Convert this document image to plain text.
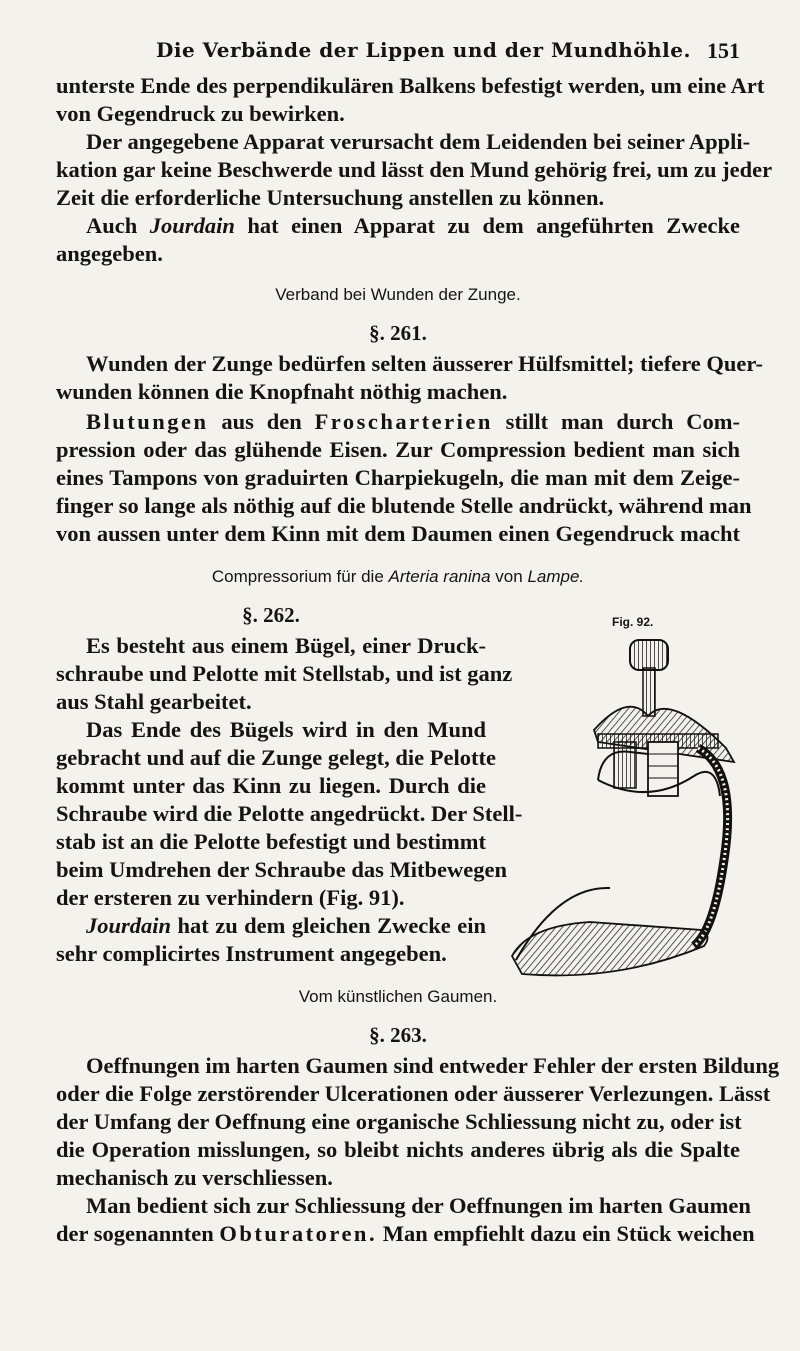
Die Verbände der Lippen und der Mundhöhle. 151
unterste Ende des perpendikulären Balkens befestigt werden, um eine Art
von Gegendruck zu bewirken.
Der angegebene Apparat verursacht dem Leidenden bei seiner Appli-
kation gar keine Beschwerde und lässt den Mund gehörig frei, um zu jeder
Zeit die erforderliche Untersuchung anstellen zu können.
Auch Jourdain hat einen Apparat zu dem angeführten Zwecke
angegeben.
Verband bei Wunden der Zunge.
§. 261.
Wunden der Zunge bedürfen selten äusserer Hülfsmittel; tiefere Quer-
wunden können die Knopfnaht nöthig machen.
Blutungen aus den Froscharterien stillt man durch Com-
pression oder das glühende Eisen. Zur Compression bedient man sich
eines Tampons von graduirten Charpiekugeln, die man mit dem Zeige-
finger so lange als nöthig auf die blutende Stelle andrückt, während man
von aussen unter dem Kinn mit dem Daumen einen Gegendruck macht
Compressorium für die Arteria ranina von Lampe.
§. 262.
Es besteht aus einem Bügel, einer Druck-
schraube und Pelotte mit Stellstab, und ist ganz
aus Stahl gearbeitet.
Das Ende des Bügels wird in den Mund
gebracht und auf die Zunge gelegt, die Pelotte
kommt unter das Kinn zu liegen. Durch die
Schraube wird die Pelotte angedrückt. Der Stell-
stab ist an die Pelotte befestigt und bestimmt
beim Umdrehen der Schraube das Mitbewegen
der ersteren zu verhindern (Fig. 91).
Jourdain hat zu dem gleichen Zwecke ein
sehr complicirtes Instrument angegeben.
Fig. 92.
Vom künstlichen Gaumen.
§. 263.
Oeffnungen im harten Gaumen sind entweder Fehler der ersten Bildung
oder die Folge zerstörender Ulcerationen oder äusserer Verlezungen. Lässt
der Umfang der Oeffnung eine organische Schliessung nicht zu, oder ist
die Operation misslungen, so bleibt nichts anderes übrig als die Spalte
mechanisch zu verschliessen.
Man bedient sich zur Schliessung der Oeffnungen im harten Gaumen
der sogenannten Obturatoren. Man empfiehlt dazu ein Stück weichen
